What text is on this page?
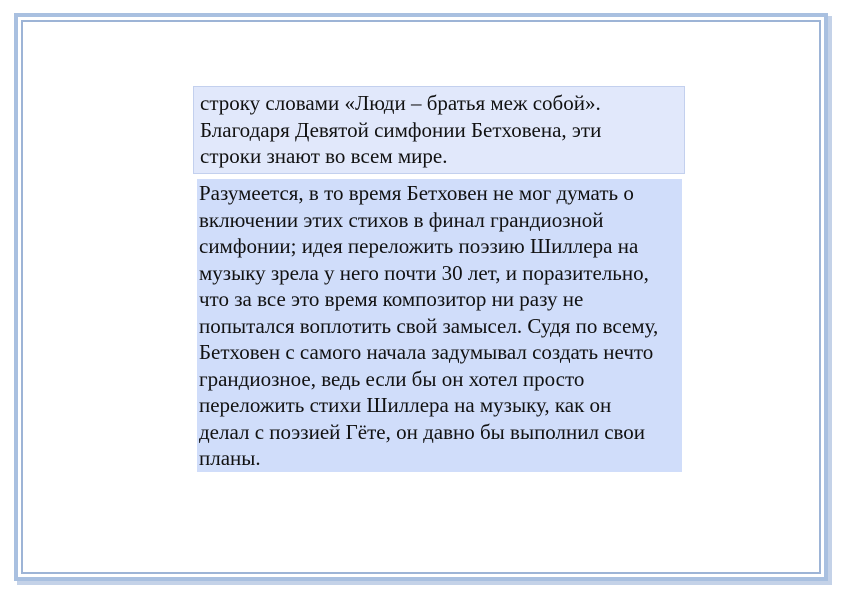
строку словами «Люди – братья меж собой».
Благодаря Девятой симфонии Бетховена, эти
строки знают во всем мире.
Разумеется, в то время Бетховен не мог думать о
включении этих стихов в финал грандиозной
симфонии; идея переложить поэзию Шиллера на
музыку зрела у него почти 30 лет, и поразительно,
что за все это время композитор ни разу не
попытался воплотить свой замысел. Судя по всему,
Бетховен с самого начала задумывал создать нечто
грандиозное, ведь если бы он хотел просто
переложить стихи Шиллера на музыку, как он
делал с поэзией Гёте, он давно бы выполнил свои
планы.
